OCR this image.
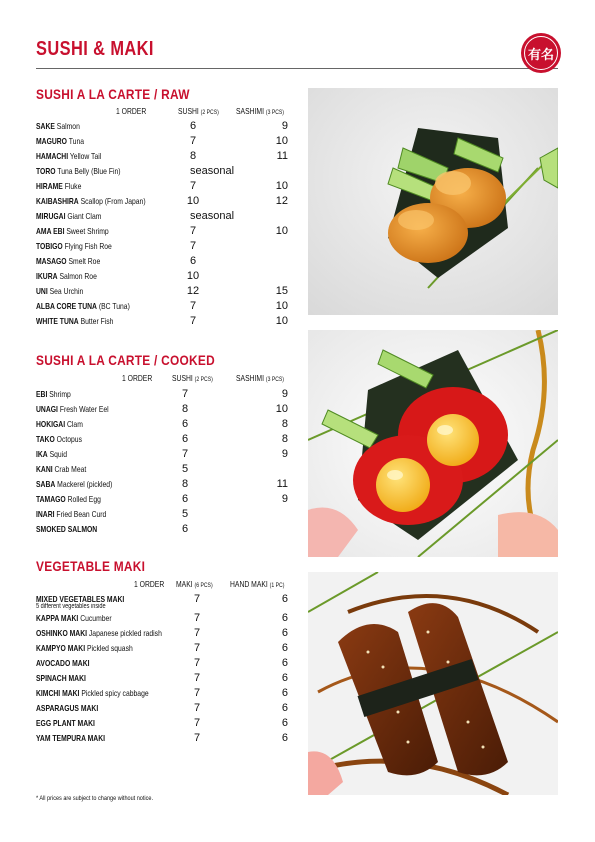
SUSHI & MAKI	有名
SUSHI A LA CARTE / RAW
1 ORDER	SUSHI (2 PCS) SASHIMI (3 PCS)
SAKE Salmon	6	9
MAGURO Tuna	7	10
HAMACHI Yellow Tail	8	11
TORO Tuna Belly (Blue Fin)	seasonal
HIRAME Fluke	7	10
KAIBASHIRA Scallop (From Japan)	10	12
MIRUGAI Giant Clam	seasonal
AMA EBI Sweet Shrimp	7	10
TOBIGO Flying Fish Roe	7
MASAGO Smelt Roe	6
IKURA Salmon Roe	10
UNI Sea Urchin	12	15
ALBA CORE TUNA (BC Tuna)	7	10
WHITE TUNA Butter Fish	7	10
SUSHI A LA CARTE / COOKED
1 ORDER SUSHI (2 PCS)	SASHIMI (3 PCS)
EBI Shrimp	7	9
UNAGI Fresh Water Eel	8	10
HOKIGAI Clam	6	8
TAKO Octopus	6	8
IKA Squid	7	9
KANI Crab Meat	5
SABA Mackerel (pickled)	8	11
TAMAGO Rolled Egg	6	9
INARI Fried Bean Curd	5
SMOKED SALMON	6
VEGETABLE MAKI
1 ORDER MAKI (6 PCS) HAND MAKI (1 PC)
MIXED VEGETABLES MAKI
5 different vegetables inside
7	6
KAPPA MAKI Cucumber	7	6
OSHINKO MAKI Japanese pickled radish	7	6
KAMPYO MAKI Pickled squash	7	6
AVOCADO MAKI	7	6
SPINACH MAKI	7	6
KIMCHI MAKI Pickled spicy cabbage	7	6
ASPARAGUS MAKI	7	6
EGG PLANT MAKI	7	6
YAM TEMPURA MAKI	7	6
* All prices are subject to change without notice.
